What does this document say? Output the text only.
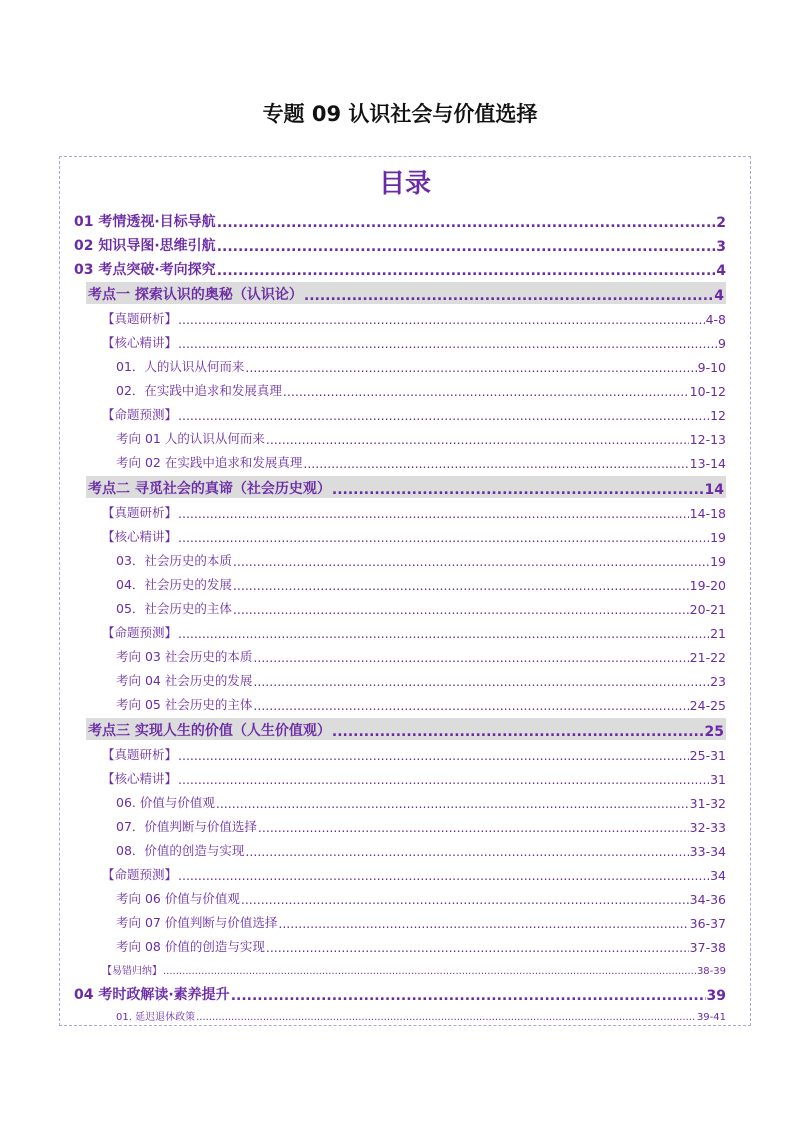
专题 09 认识社会与价值选择
目录
01 考情透视·目标导航 .....	2
02 知识导图·思维引航 .....	3
03 考点突破·考向探究 .....	4
考点一 探索认识的奥秘（认识论） .....	4
【真题研析】 .....	4-8
【核心精讲】 .....	9
01．人的认识从何而来 .....	9-10
02．在实践中追求和发展真理 .....	10-12
【命题预测】 .....	12
考向 01 人的认识从何而来 .....	12-13
考向 02 在实践中追求和发展真理 .....	13-14
考点二 寻觅社会的真谛（社会历史观） .....	14
【真题研析】 .....	14-18
【核心精讲】 .....	19
03．社会历史的本质 .....	19
04．社会历史的发展 .....	19-20
05．社会历史的主体 .....	20-21
【命题预测】 .....	21
考向 03 社会历史的本质 .....	21-22
考向 04 社会历史的发展 .....	23
考向 05 社会历史的主体 .....	24-25
考点三 实现人生的价值（人生价值观） .....	25
【真题研析】 .....	25-31
【核心精讲】 .....	31
06. 价值与价值观 .....	31-32
07．价值判断与价值选择 .....	32-33
08．价值的创造与实现 .....	33-34
【命题预测】 .....	34
考向 06 价值与价值观 .....	34-36
考向 07 价值判断与价值选择 .....	36-37
考向 08 价值的创造与实现 .....	37-38
【易错归纳】 .....	38-39
04 考时政解读·素养提升 .....	39
01. 延迟退休政策 .....	39-41
